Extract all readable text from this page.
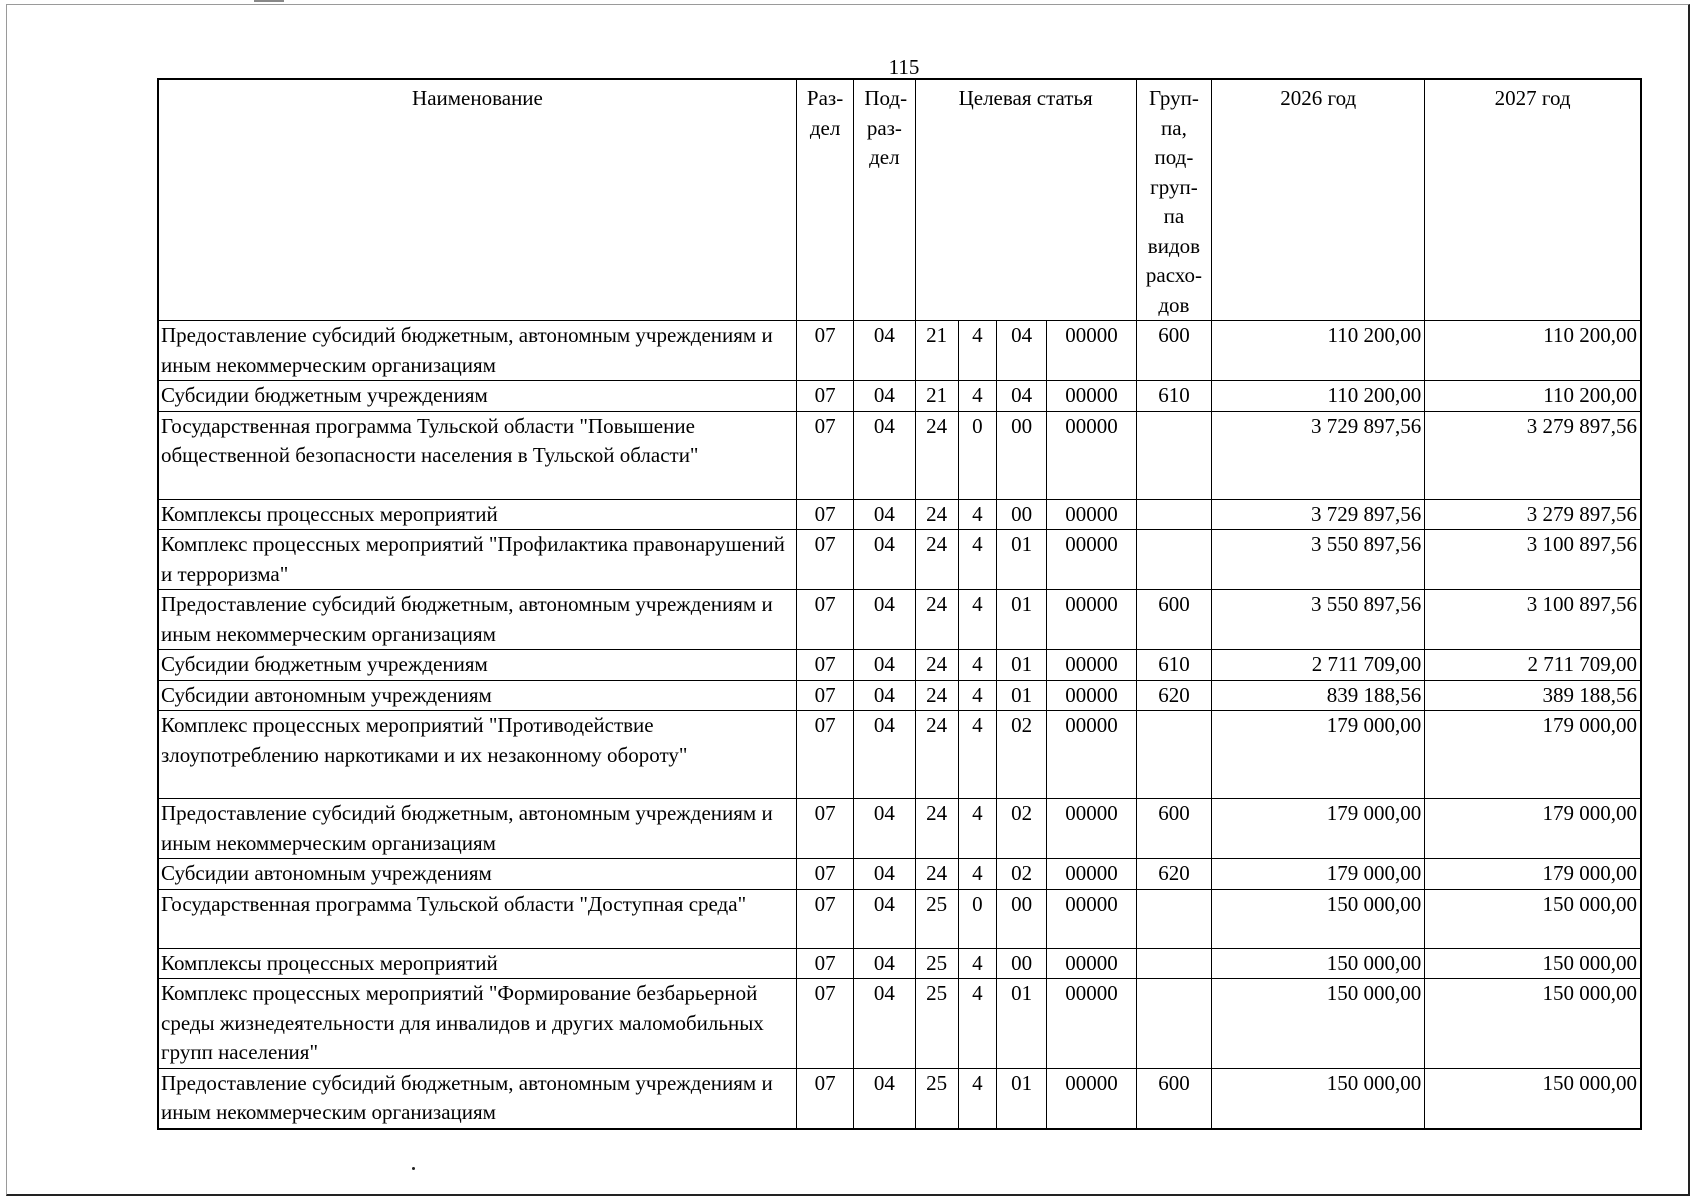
115
Наименование	Раз-дел	Под-раз-дел	Целевая статья				Груп-па, под-груп-па видов расхо-дов	2026 год	2027 год
Предоставление субсидий бюджетным, автономным учреждениям и иным некоммерческим организациям	07	04	21	4	04	00000	600	110 200,00	110 200,00
Субсидии бюджетным учреждениям	07	04	21	4	04	00000	610	110 200,00	110 200,00
Государственная программа Тульской области "Повышение общественной безопасности населения в Тульской области"	07	04	24	0	00	00000		3 729 897,56	3 279 897,56
Комплексы процессных мероприятий	07	04	24	4	00	00000		3 729 897,56	3 279 897,56
Комплекс процессных мероприятий "Профилактика правонарушений и терроризма"	07	04	24	4	01	00000		3 550 897,56	3 100 897,56
Предоставление субсидий бюджетным, автономным учреждениям и иным некоммерческим организациям	07	04	24	4	01	00000	600	3 550 897,56	3 100 897,56
Субсидии бюджетным учреждениям	07	04	24	4	01	00000	610	2 711 709,00	2 711 709,00
Субсидии автономным учреждениям	07	04	24	4	01	00000	620	839 188,56	389 188,56
Комплекс процессных мероприятий "Противодействие злоупотреблению наркотиками и их незаконному обороту"	07	04	24	4	02	00000		179 000,00	179 000,00
Предоставление субсидий бюджетным, автономным учреждениям и иным некоммерческим организациям	07	04	24	4	02	00000	600	179 000,00	179 000,00
Субсидии автономным учреждениям	07	04	24	4	02	00000	620	179 000,00	179 000,00
Государственная программа Тульской области "Доступная среда"	07	04	25	0	00	00000		150 000,00	150 000,00
Комплексы процессных мероприятий	07	04	25	4	00	00000		150 000,00	150 000,00
Комплекс процессных мероприятий "Формирование безбарьерной среды жизнедеятельности для инвалидов и других маломобильных групп населения"	07	04	25	4	01	00000		150 000,00	150 000,00
Предоставление субсидий бюджетным, автономным учреждениям и иным некоммерческим организациям	07	04	25	4	01	00000	600	150 000,00	150 000,00
